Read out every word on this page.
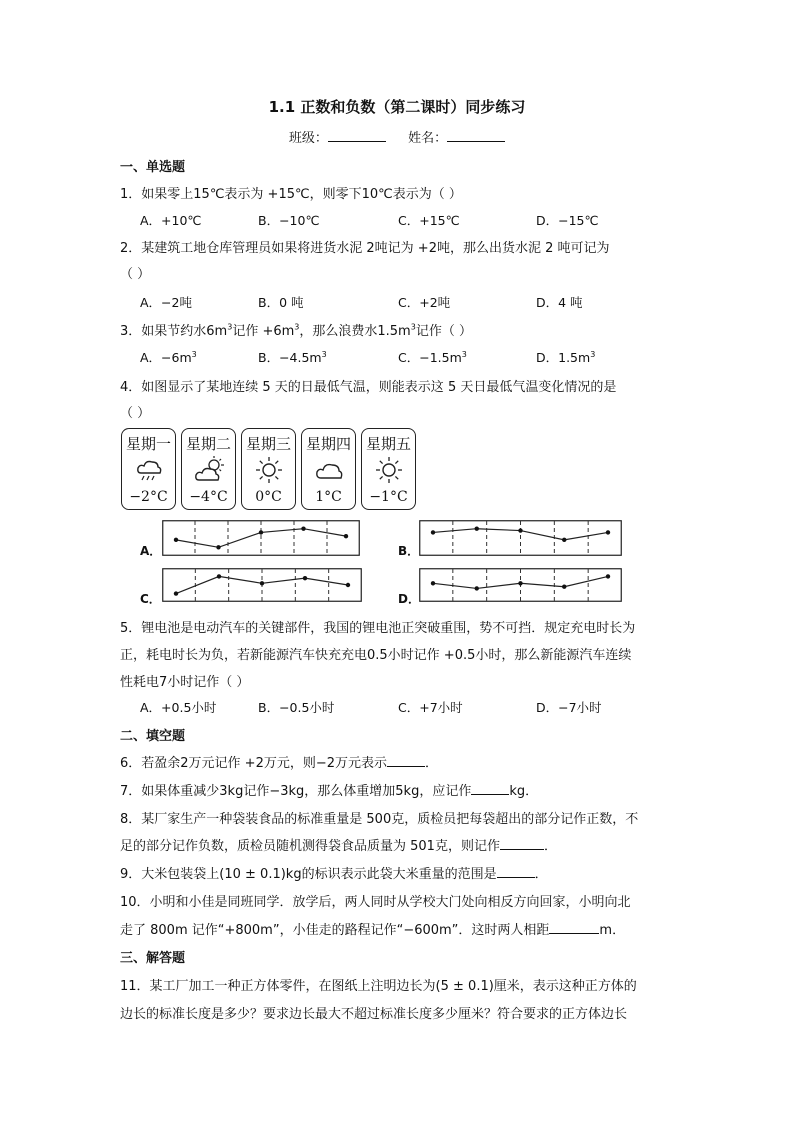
1.1 正数和负数（第二课时）同步练习
班级：	姓名：
一、单选题
1．如果零上15℃表示为 +15℃，则零下10℃表示为（ ）
A．+10℃	B．−10℃	C．+15℃	D．−15℃
2．某建筑工地仓库管理员如果将进货水泥 2吨记为 +2吨，那么出货水泥 2 吨可记为
（ ）
A．−2吨	B．0 吨	C．+2吨	D．4 吨
3．如果节约水$6m^3$记作 $+6m^3$，那么浪费水$1.5m^3$记作（ ）
A．$-6m^3$	B．$-4.5m^3$	C．$-1.5m^3$	D．$1.5m^3$
4．如图显示了某地连续 5 天的日最低气温，则能表示这 5 天日最低气温变化情况的是
（ ）
星期一
−2°C
星期二
−4°C
星期三
0°C
星期四
1°C
星期五
−1°C
A．	B．
C．	D．
5．锂电池是电动汽车的关键部件，我国的锂电池正突破重围，势不可挡．规定充电时长为
正，耗电时长为负，若新能源汽车快充充电0.5小时记作 +0.5小时，那么新能源汽车连续
性耗电7小时记作（ ）
A．+0.5小时	B．−0.5小时	C．+7小时	D．−7小时
二、填空题
6．若盈余2万元记作 +2万元，则−2万元表示	．
7．如果体重减少3kg记作−3kg，那么体重增加5kg，应记作	kg．
8．某厂家生产一种袋装食品的标准重量是 500克，质检员把每袋超出的部分记作正数，不
足的部分记作负数，质检员随机测得袋食品质量为 501克，则记作	．
9．大米包装袋上(10 ± 0.1)kg的标识表示此袋大米重量的范围是	．
10．小明和小佳是同班同学．放学后，两人同时从学校大门处向相反方向回家，小明向北
走了 800m 记作“+800m”，小佳走的路程记作“−600m”．这时两人相距	m．
三、解答题
11．某工厂加工一种正方体零件，在图纸上注明边长为(5 ± 0.1)厘米，表示这种正方体的
边长的标准长度是多少？要求边长最大不超过标准长度多少厘米？符合要求的正方体边长
